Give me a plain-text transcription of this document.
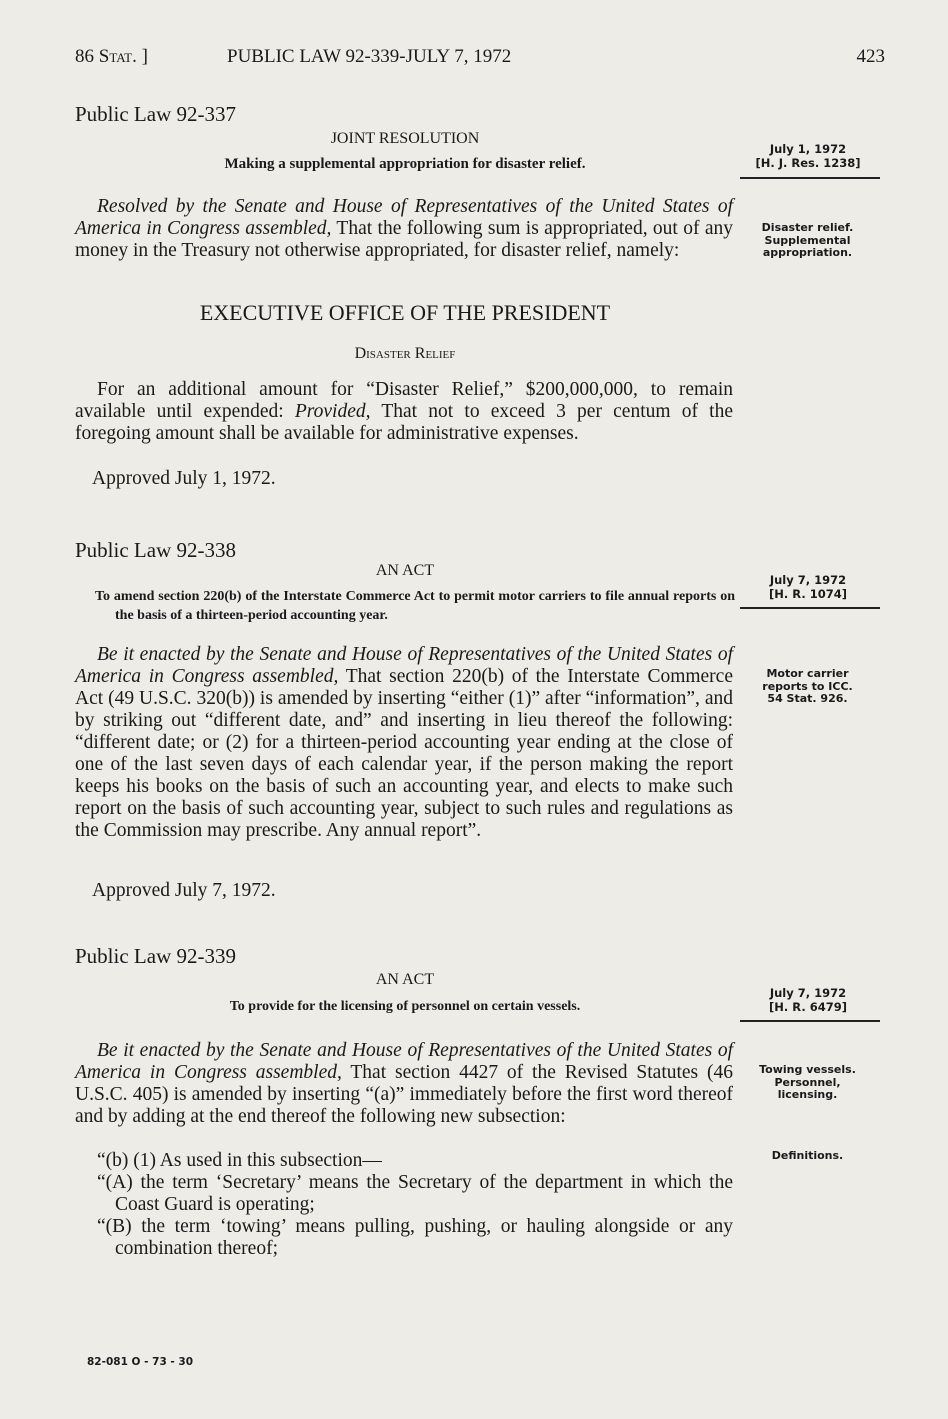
86 Stat. ]	PUBLIC LAW 92-339-JULY 7, 1972	423
Public Law 92-337
JOINT RESOLUTION
Making a supplemental appropriation for disaster relief.
July 1, 1972
[H. J. Res. 1238]

Resolved by the Senate and House of Representatives of the United States of America in Congress assembled, That the following sum is appropriated, out of any money in the Treasury not otherwise appropriated, for disaster relief, namely:

Disaster relief.
Supplemental
appropriation.
EXECUTIVE OFFICE OF THE PRESIDENT
Disaster Relief

For an additional amount for “Disaster Relief,” $200,000,000, to remain available until expended: Provided, That not to exceed 3 per centum of the foregoing amount shall be available for administrative expenses.

Approved July 1, 1972.
Public Law 92-338
AN ACT
To amend section 220(b) of the Interstate Commerce Act to permit motor carriers to file annual reports on the basis of a thirteen-period accounting year.
July 7, 1972
[H. R. 1074]

Be it enacted by the Senate and House of Representatives of the United States of America in Congress assembled, That section 220(b) of the Interstate Commerce Act (49 U.S.C. 320(b)) is amended by inserting “either (1)” after “information”, and by striking out “different date, and” and inserting in lieu thereof the following: “different date; or (2) for a thirteen-period accounting year ending at the close of one of the last seven days of each calendar year, if the person making the report keeps his books on the basis of such an accounting year, and elects to make such report on the basis of such accounting year, subject to such rules and regulations as the Commission may prescribe. Any annual report”.

Motor carrier
reports to ICC.
54 Stat. 926.
Approved July 7, 1972.
Public Law 92-339
AN ACT
To provide for the licensing of personnel on certain vessels.
July 7, 1972
[H. R. 6479]

Be it enacted by the Senate and House of Representatives of the United States of America in Congress assembled, That section 4427 of the Revised Statutes (46 U.S.C. 405) is amended by inserting “(a)” immediately before the first word thereof and by adding at the end thereof the following new subsection:

Towing vessels.
Personnel,
licensing.

“(b) (1) As used in this subsection—

“(A) the term ‘Secretary’ means the Secretary of the department in which the Coast Guard is operating;

“(B) the term ‘towing’ means pulling, pushing, or hauling alongside or any combination thereof;

Definitions.
82-081 O - 73 - 30
